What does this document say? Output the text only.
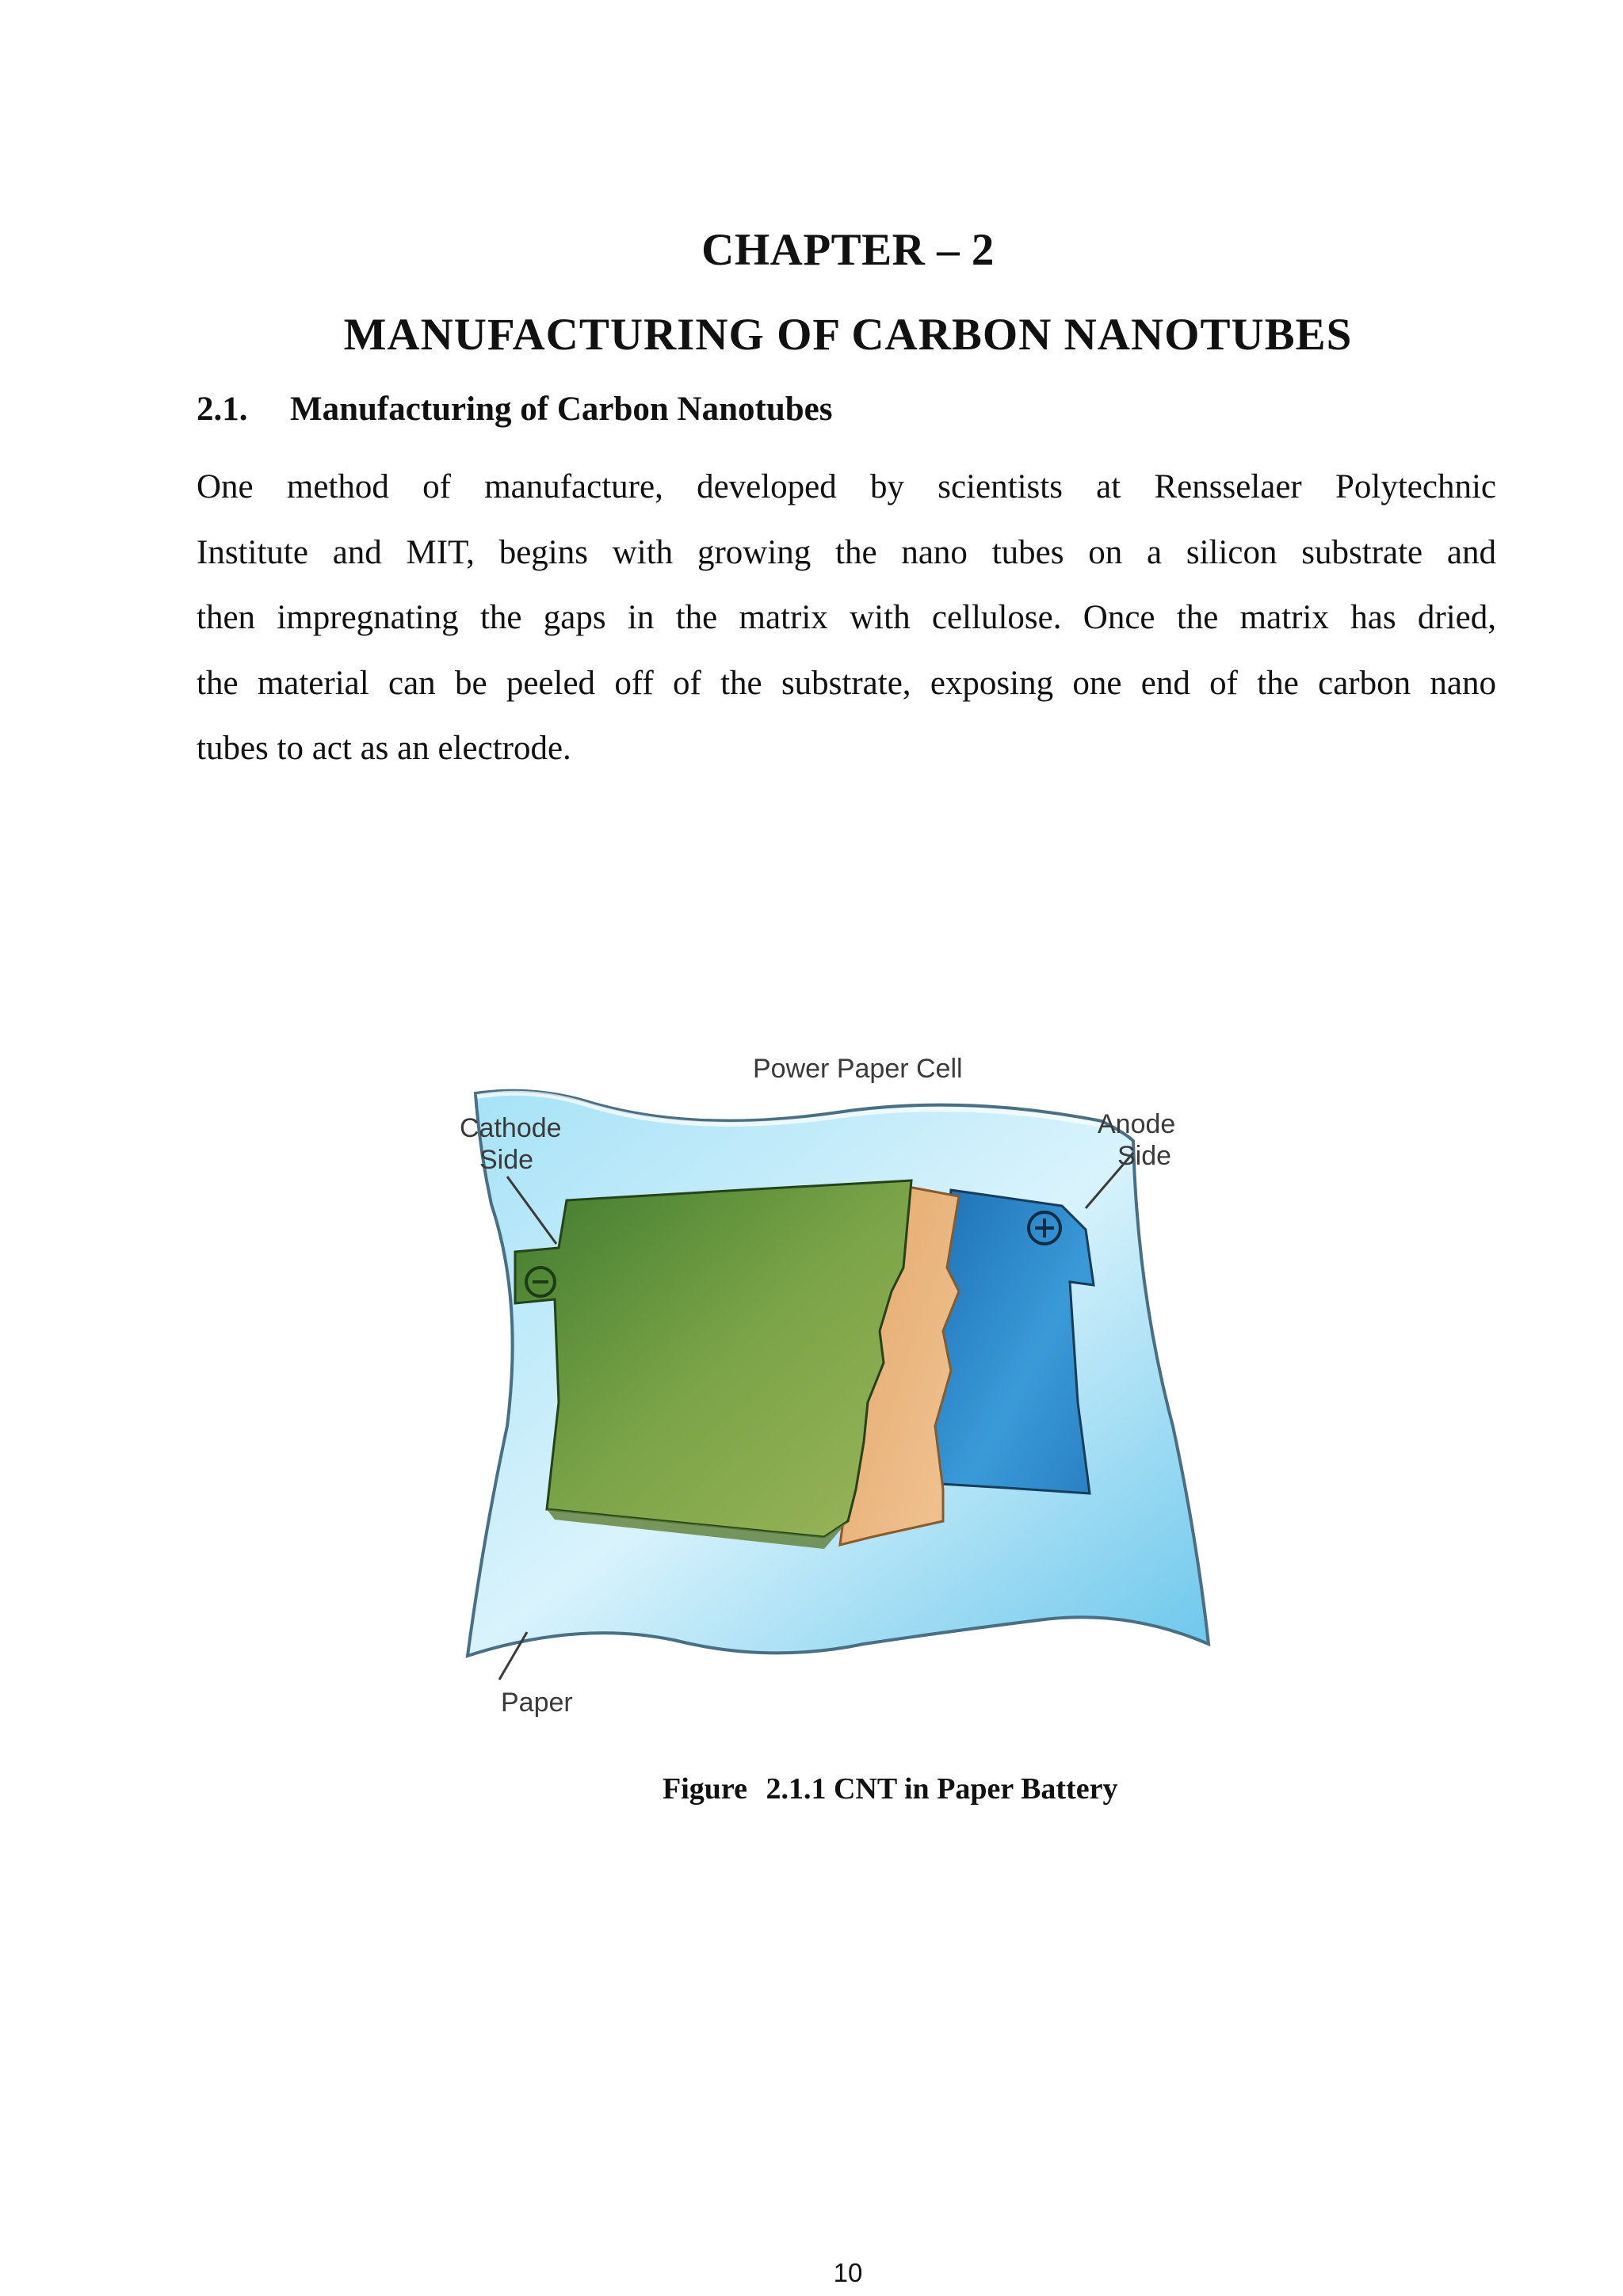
CHAPTER – 2
MANUFACTURING OF CARBON NANOTUBES
2.1. Manufacturing of Carbon Nanotubes
One method of manufacture, developed by scientists at Rensselaer Polytechnic
Institute and MIT, begins with growing the nano tubes on a silicon substrate and
then impregnating the gaps in the matrix with cellulose. Once the matrix has dried,
the material can be peeled off of the substrate, exposing one end of the carbon nano
tubes to act as an electrode.
Power Paper Cell
Cathode
Side
Anode
Side
Paper

Figure 2.1.1 CNT in Paper Battery

10
